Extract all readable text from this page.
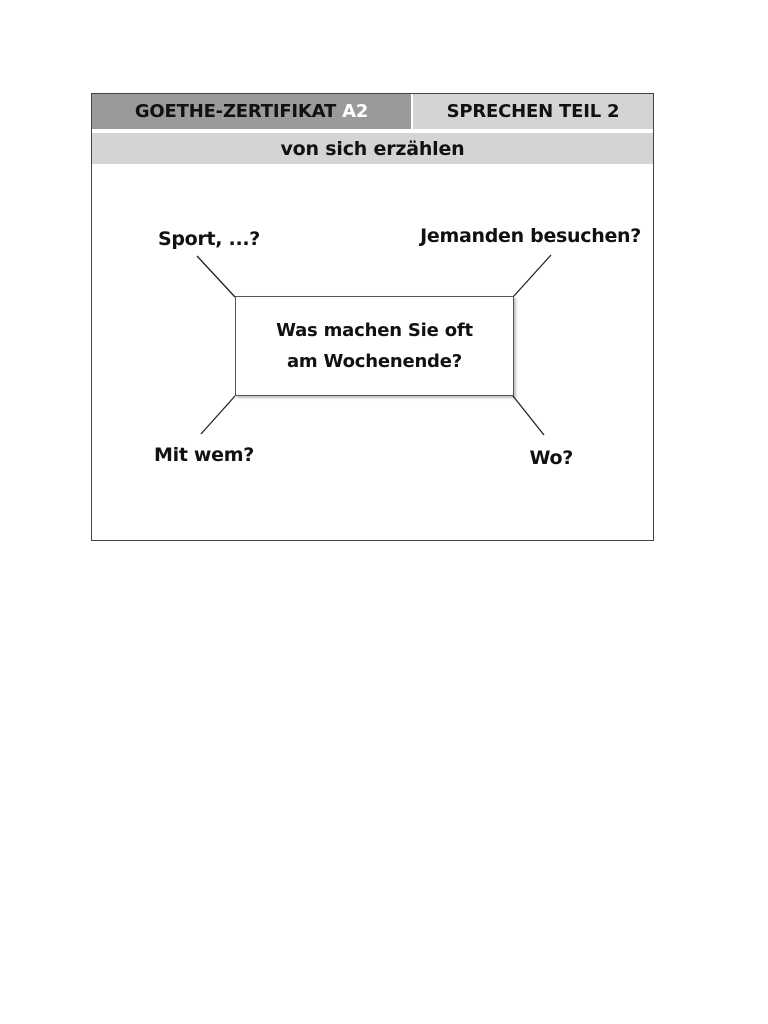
GOETHE-ZERTIFIKAT A2	SPRECHEN TEIL 2
von sich erzählen
Was machen Sie oft
am Wochenende?
Sport, ...?	Jemanden besuchen?
Mit wem?	Wo?
